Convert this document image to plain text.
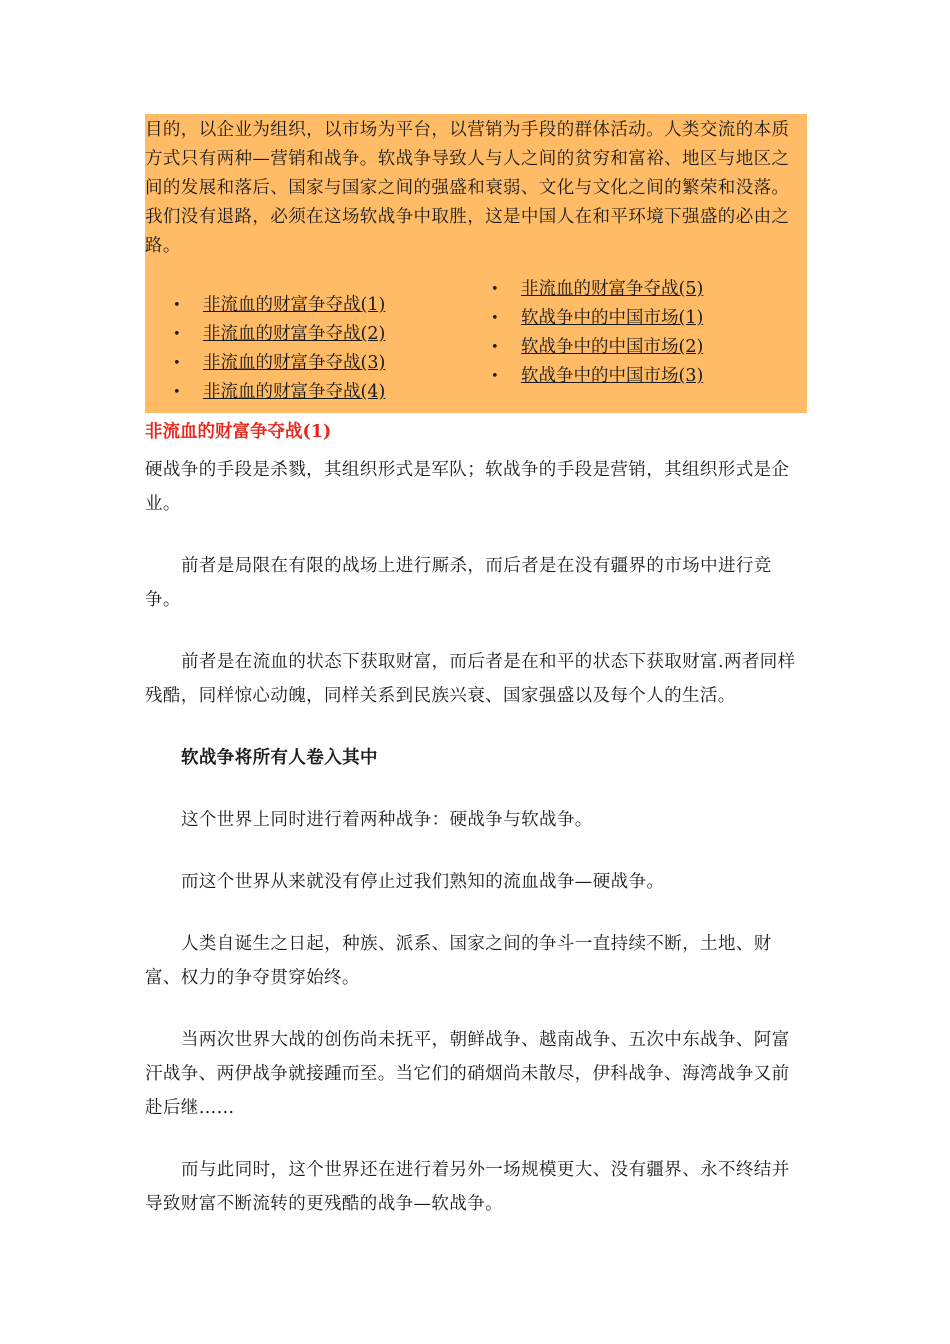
目的，以企业为组织，以市场为平台，以营销为手段的群体活动。人类交流的本质方式只有两种—营销和战争。软战争导致人与人之间的贫穷和富裕、地区与地区之间的发展和落后、国家与国家之间的强盛和衰弱、文化与文化之间的繁荣和没落。我们没有退路，必须在这场软战争中取胜，这是中国人在和平环境下强盛的必由之路。

•	非流血的财富争夺战(1)
•	非流血的财富争夺战(2)
•	非流血的财富争夺战(3)
•	非流血的财富争夺战(4)
•	非流血的财富争夺战(5)
•	软战争中的中国市场(1)
•	软战争中的中国市场(2)
•	软战争中的中国市场(3)
非流血的财富争夺战(1)

硬战争的手段是杀戮，其组织形式是军队；软战争的手段是营销，其组织形式是企业。

前者是局限在有限的战场上进行厮杀，而后者是在没有疆界的市场中进行竞争。

前者是在流血的状态下获取财富，而后者是在和平的状态下获取财富.两者同样残酷，同样惊心动魄，同样关系到民族兴衰、国家强盛以及每个人的生活。

软战争将所有人卷入其中

这个世界上同时进行着两种战争：硬战争与软战争。

而这个世界从来就没有停止过我们熟知的流血战争—硬战争。

人类自诞生之日起，种族、派系、国家之间的争斗一直持续不断，土地、财富、权力的争夺贯穿始终。

当两次世界大战的创伤尚未抚平，朝鲜战争、越南战争、五次中东战争、阿富汗战争、两伊战争就接踵而至。当它们的硝烟尚未散尽，伊科战争、海湾战争又前赴后继……

而与此同时，这个世界还在进行着另外一场规模更大、没有疆界、永不终结并导致财富不断流转的更残酷的战争—软战争。
